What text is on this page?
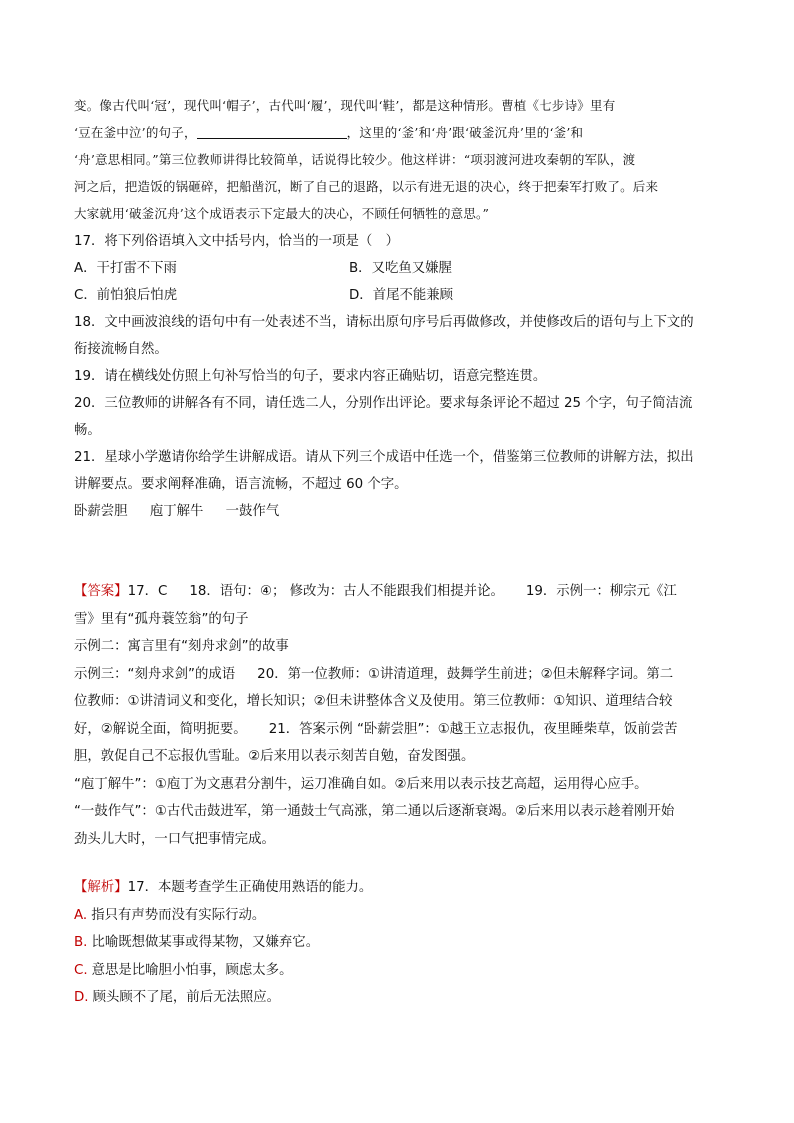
变。像古代叫‘冠’，现代叫‘帽子’，古代叫‘履’，现代叫‘鞋’，都是这种情形。曹植《七步诗》里有

‘豆在釜中泣’的句子，	，这里的‘釜’和‘舟’跟‘破釜沉舟’里的‘釜’和

‘舟’意思相同。”第三位教师讲得比较简单，话说得比较少。他这样讲：“项羽渡河进攻秦朝的军队，渡

河之后，把造饭的锅砸碎，把船凿沉，断了自己的退路，以示有进无退的决心，终于把秦军打败了。后来

大家就用‘破釜沉舟’这个成语表示下定最大的决心，不顾任何牺牲的意思。”

17．将下列俗语填入文中括号内，恰当的一项是（　）

A．干打雷不下雨	B．又吃鱼又嫌腥

C．前怕狼后怕虎	D．首尾不能兼顾

18．文中画波浪线的语句中有一处表述不当，请标出原句序号后再做修改，并使修改后的语句与上下文的

衔接流畅自然。

19．请在横线处仿照上句补写恰当的句子，要求内容正确贴切，语意完整连贯。

20．三位教师的讲解各有不同，请任选二人，分别作出评论。要求每条评论不超过 25 个字，句子简洁流

畅。

21．星球小学邀请你给学生讲解成语。请从下列三个成语中任选一个，借鉴第三位教师的讲解方法，拟出

讲解要点。要求阐释准确，语言流畅，不超过 60 个字。

卧薪尝胆 庖丁解牛 一鼓作气

【答案】17．C 18．语句：④； 修改为：古人不能跟我们相提并论。 19．示例一：柳宗元《江

雪》里有“孤舟蓑笠翁”的句子

示例二：寓言里有“刻舟求剑”的故事

示例三：“刻舟求剑”的成语 20．第一位教师：①讲清道理，鼓舞学生前进；②但未解释字词。第二

位教师：①讲清词义和变化，增长知识；②但未讲整体含义及使用。第三位教师：①知识、道理结合较

好，②解说全面，简明扼要。 21．答案示例 “卧薪尝胆”：①越王立志报仇，夜里睡柴草，饭前尝苦

胆，敦促自己不忘报仇雪耻。②后来用以表示刻苦自勉，奋发图强。

“庖丁解牛”：①庖丁为文惠君分割牛，运刀准确自如。②后来用以表示技艺高超，运用得心应手。

“一鼓作气”：①古代击鼓进军，第一通鼓士气高涨，第二通以后逐渐衰竭。②后来用以表示趁着刚开始

劲头儿大时，一口气把事情完成。

【解析】17．本题考查学生正确使用熟语的能力。

A. 指只有声势而没有实际行动。

B. 比喻既想做某事或得某物，又嫌弃它。

C. 意思是比喻胆小怕事，顾虑太多。

D. 顾头顾不了尾，前后无法照应。
